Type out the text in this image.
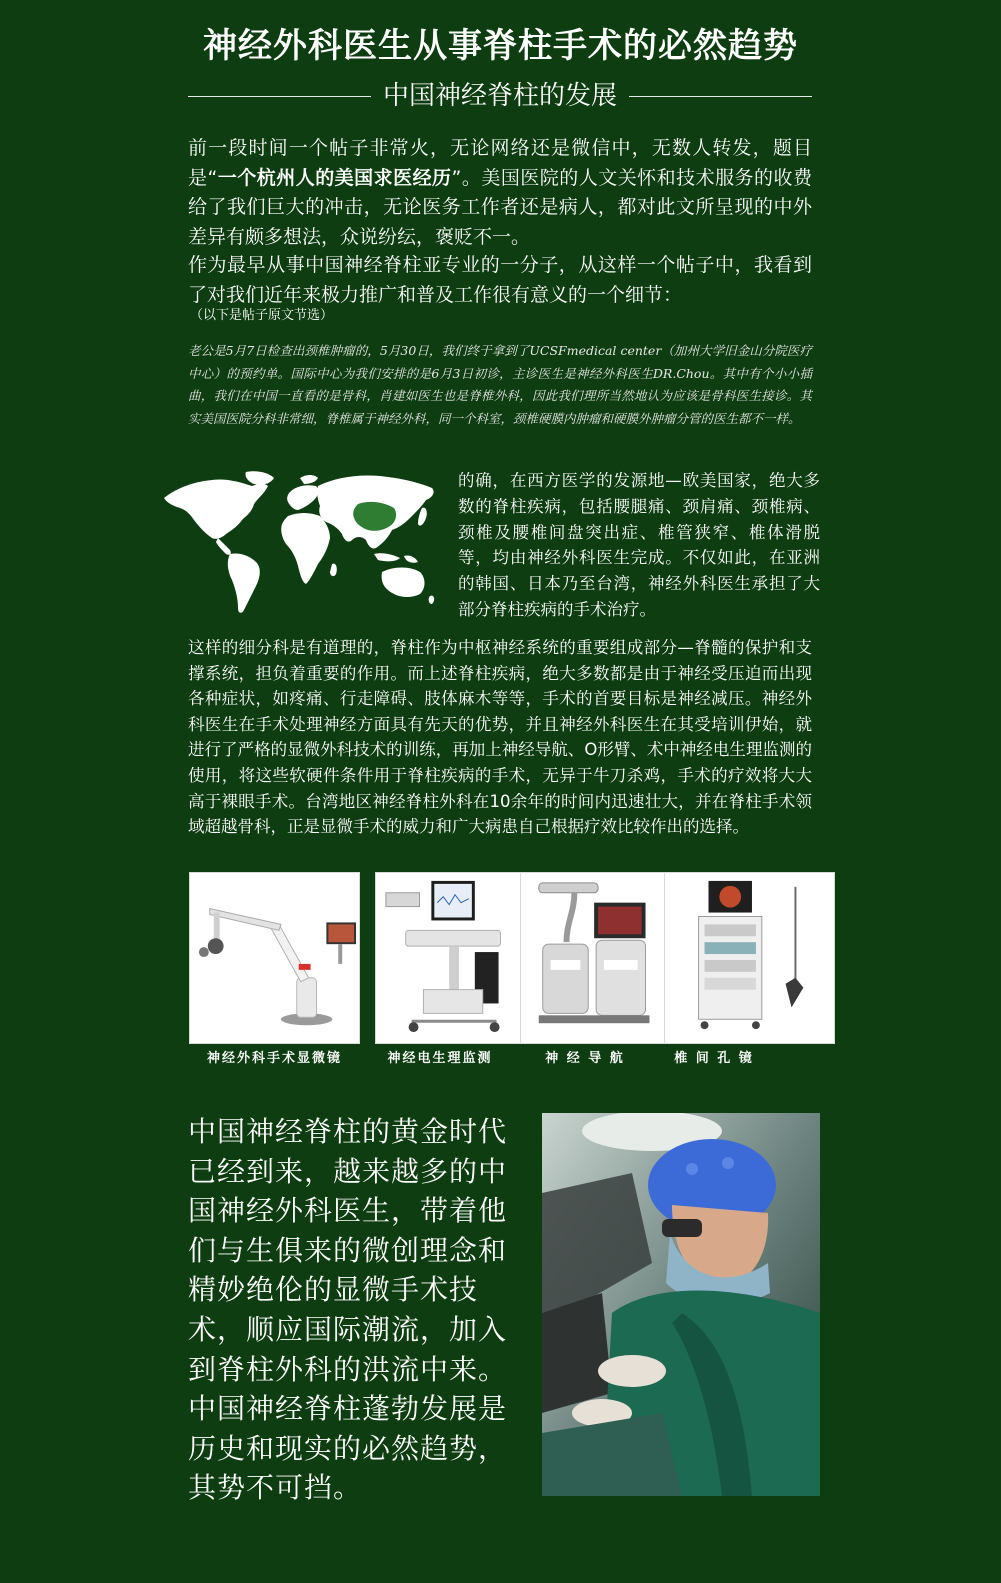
神经外科医生从事脊柱手术的必然趋势
中国神经脊柱的发展
前一段时间一个帖子非常火，无论网络还是微信中，无数人转发，题目是“一个杭州人的美国求医经历”。美国医院的人文关怀和技术服务的收费给了我们巨大的冲击，无论医务工作者还是病人，都对此文所呈现的中外差异有颇多想法，众说纷纭，褒贬不一。
作为最早从事中国神经脊柱亚专业的一分子，从这样一个帖子中，我看到了对我们近年来极力推广和普及工作很有意义的一个细节：
（以下是帖子原文节选）
老公是5月7日检查出颈椎肿瘤的，5月30日，我们终于拿到了UCSFmedical center（加州大学旧金山分院医疗中心）的预约单。国际中心为我们安排的是6月3日初诊，主诊医生是神经外科医生DR.Chou。其中有个小小插曲，我们在中国一直看的是骨科，肖建如医生也是脊椎外科，因此我们理所当然地认为应该是骨科医生接诊。其实美国医院分科非常细，脊椎属于神经外科，同一个科室，颈椎硬膜内肿瘤和硬膜外肿瘤分管的医生都不一样。
的确，在西方医学的发源地—欧美国家，绝大多数的脊柱疾病，包括腰腿痛、颈肩痛、颈椎病、颈椎及腰椎间盘突出症、椎管狭窄、椎体滑脱等，均由神经外科医生完成。不仅如此，在亚洲的韩国、日本乃至台湾，神经外科医生承担了大部分脊柱疾病的手术治疗。
这样的细分科是有道理的，脊柱作为中枢神经系统的重要组成部分—脊髓的保护和支撑系统，担负着重要的作用。而上述脊柱疾病，绝大多数都是由于神经受压迫而出现各种症状，如疼痛、行走障碍、肢体麻木等等，手术的首要目标是神经减压。神经外科医生在手术处理神经方面具有先天的优势，并且神经外科医生在其受培训伊始，就进行了严格的显微外科技术的训练，再加上神经导航、O形臂、术中神经电生理监测的使用，将这些软硬件条件用于脊柱疾病的手术，无异于牛刀杀鸡，手术的疗效将大大高于裸眼手术。台湾地区神经脊柱外科在10余年的时间内迅速壮大，并在脊柱手术领域超越骨科，正是显微手术的威力和广大病患自己根据疗效比较作出的选择。
神经外科手术显微镜	神经电生理监测	神 经 导 航	椎 间 孔 镜
中国神经脊柱的黄金时代已经到来，越来越多的中国神经外科医生，带着他们与生俱来的微创理念和精妙绝伦的显微手术技术，顺应国际潮流，加入到脊柱外科的洪流中来。中国神经脊柱蓬勃发展是历史和现实的必然趋势，其势不可挡。
